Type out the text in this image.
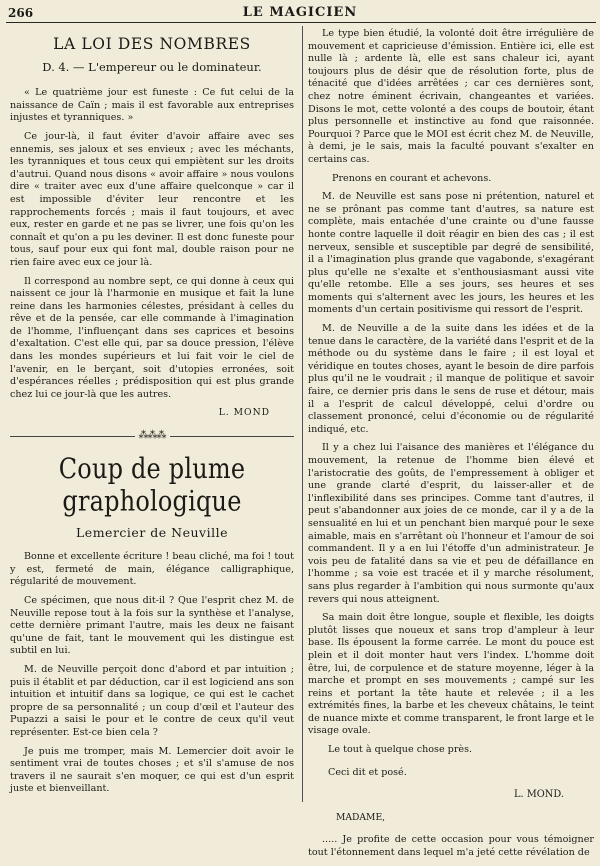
266	LE MAGICIEN
LA LOI DES NOMBRES
D. 4. — L'empereur ou le dominateur.

« Le quatrième jour est funeste : Ce fut celui de la naissance de Caïn ; mais il est favorable aux entreprises injustes et tyranniques. »

Ce jour-là, il faut éviter d'avoir affaire avec ses ennemis, ses jaloux et ses envieux ; avec les méchants, les tyranniques et tous ceux qui empiètent sur les droits d'autrui. Quand nous disons « avoir affaire » nous voulons dire « traiter avec eux d'une affaire quelconque » car il est impossible d'éviter leur rencontre et les rapprochements forcés ; mais il faut toujours, et avec eux, rester en garde et ne pas se livrer, une fois qu'on les connaît et qu'on a pu les deviner. Il est donc funeste pour tous, sauf pour eux qui font mal, double raison pour ne rien faire avec eux ce jour là.

Il correspond au nombre sept, ce qui donne à ceux qui naissent ce jour là l'harmonie en musique et fait la lune reine dans les harmonies célestes, présidant à celles du rêve et de la pensée, car elle commande à l'imagination de l'homme, l'influençant dans ses caprices et besoins d'exaltation. C'est elle qui, par sa douce pression, l'élève dans les mondes supérieurs et lui fait voir le ciel de l'avenir, en le berçant, soit d'utopies erronées, soit d'espérances réelles ; prédisposition qui est plus grande chez lui ce jour-là que les autres.

L. MOND
⁂⁂⁂
Coup de plume graphologique
Lemercier de Neuville

Bonne et excellente écriture ! beau cliché, ma foi ! tout y est, fermeté de main, élégance calligraphique, régularité de mouvement.

Ce spécimen, que nous dit-il ? Que l'esprit chez M. de Neuville repose tout à la fois sur la synthèse et l'analyse, cette dernière primant l'autre, mais les deux ne faisant qu'une de fait, tant le mouvement qui les distingue est subtil en lui.

M. de Neuville perçoit donc d'abord et par intuition ; puis il établit et par déduction, car il est logiciend ans son intuition et intuitif dans sa logique, ce qui est le cachet propre de sa personnalité ; un coup d'œil et l'auteur des Pupazzi a saisi le pour et le contre de ceux qu'il veut représenter. Est-ce bien cela ?

Je puis me tromper, mais M. Lemercier doit avoir le sentiment vrai de toutes choses ; et s'il s'amuse de nos travers il ne saurait s'en moquer, ce qui est d'un esprit juste et bienveillant.

Le type bien étudié, la volonté doit être irrégulière de mouvement et capricieuse d'émission. Entière ici, elle est nulle là ; ardente là, elle est sans chaleur ici, ayant toujours plus de désir que de résolution forte, plus de ténacité que d'idées arrêtées ; car ces dernières sont, chez notre éminent écrivain, changeantes et variées. Disons le mot, cette volonté a des coups de boutoir, étant plus personnelle et instinctive au fond que raisonnée. Pourquoi ? Parce que le MOI est écrit chez M. de Neuville, à demi, je le sais, mais la faculté pouvant s'exalter en certains cas.

Prenons en courant et achevons.

M. de Neuville est sans pose ni prétention, naturel et ne se prônant pas comme tant d'autres, sa nature est complète, mais entachée d'une crainte ou d'une fausse honte contre laquelle il doit réagir en bien des cas ; il est nerveux, sensible et susceptible par degré de sensibilité, il a l'imagination plus grande que vagabonde, s'exagérant plus qu'elle ne s'exalte et s'enthousiasmant aussi vite qu'elle retombe. Elle a ses jours, ses heures et ses moments qui s'alternent avec les jours, les heures et les moments d'un certain positivisme qui ressort de l'esprit.

M. de Neuville a de la suite dans les idées et de la tenue dans le caractère, de la variété dans l'esprit et de la méthode ou du système dans le faire ; il est loyal et véridique en toutes choses, ayant le besoin de dire parfois plus qu'il ne le voudrait ; il manque de politique et savoir faire, ce dernier pris dans le sens de ruse et détour, mais il a l'esprit de calcul développé, celui d'ordre ou classement prononcé, celui d'économie ou de régularité indiqué, etc.

Il y a chez lui l'aisance des manières et l'élégance du mouvement, la retenue de l'homme bien élevé et l'aristocratie des goûts, de l'empressement à obliger et une grande clarté d'esprit, du laisser-aller et de l'inflexibilité dans ses principes. Comme tant d'autres, il peut s'abandonner aux joies de ce monde, car il y a de la sensualité en lui et un penchant bien marqué pour le sexe aimable, mais en s'arrêtant où l'honneur et l'amour de soi commandent. Il y a en lui l'étoffe d'un administrateur. Je vois peu de fatalité dans sa vie et peu de défaillance en l'homme ; sa voie est tracée et il y marche résolument, sans plus regarder à l'ambition qui nous surmonte qu'aux revers qui nous atteignent.

Sa main doit être longue, souple et flexible, les doigts plutôt lisses que noueux et sans trop d'ampleur à leur base. Ils épousent la forme carrée. Le mont du pouce est plein et il doit monter haut vers l'index. L'homme doit être, lui, de corpulence et de stature moyenne, léger à la marche et prompt en ses mouvements ; campé sur les reins et portant la tête haute et relevée ; il a les extrémités fines, la barbe et les cheveux châtains, le teint de nuance mixte et comme transparent, le front large et le visage ovale.

Le tout à quelque chose près.

Ceci dit et posé.

L. MOND.

MADAME,

..... Je profite de cette occasion pour vous témoigner tout l'étonnement dans lequel m'a jeté cette révélation de
